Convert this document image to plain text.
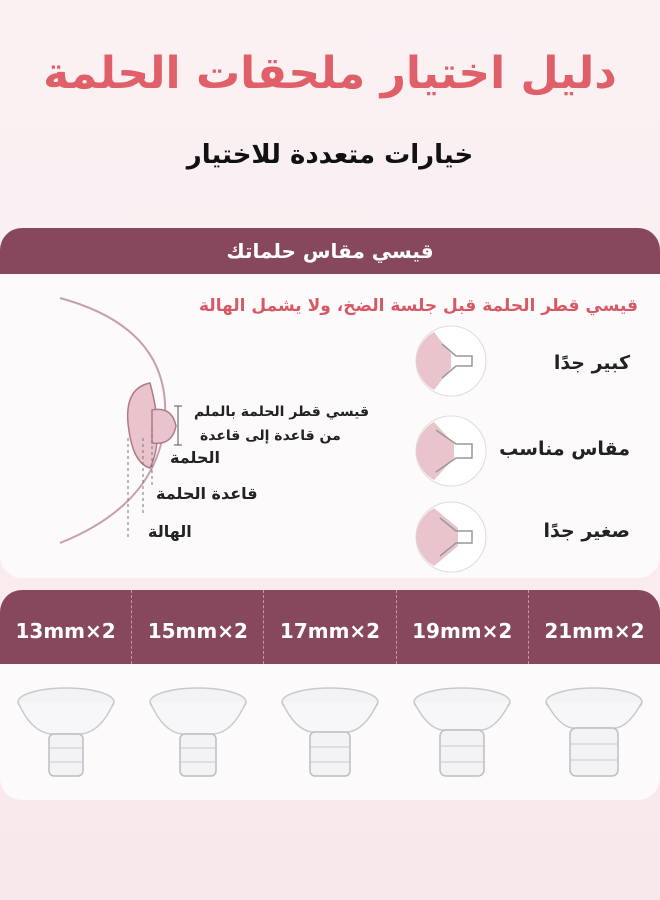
دليل اختيار ملحقات الحلمة
خيارات متعددة للاختيار
قيسي مقاس حلماتك
قيسي قطر الحلمة قبل جلسة الضخ، ولا يشمل الهالة
قيسي قطر الحلمة بالملم
من قاعدة إلى قاعدة
الحلمة
قاعدة الحلمة
الهالة
كبير جدًا
مقاس مناسب
صغير جدًا
13mm×2	15mm×2	17mm×2	19mm×2	21mm×2
